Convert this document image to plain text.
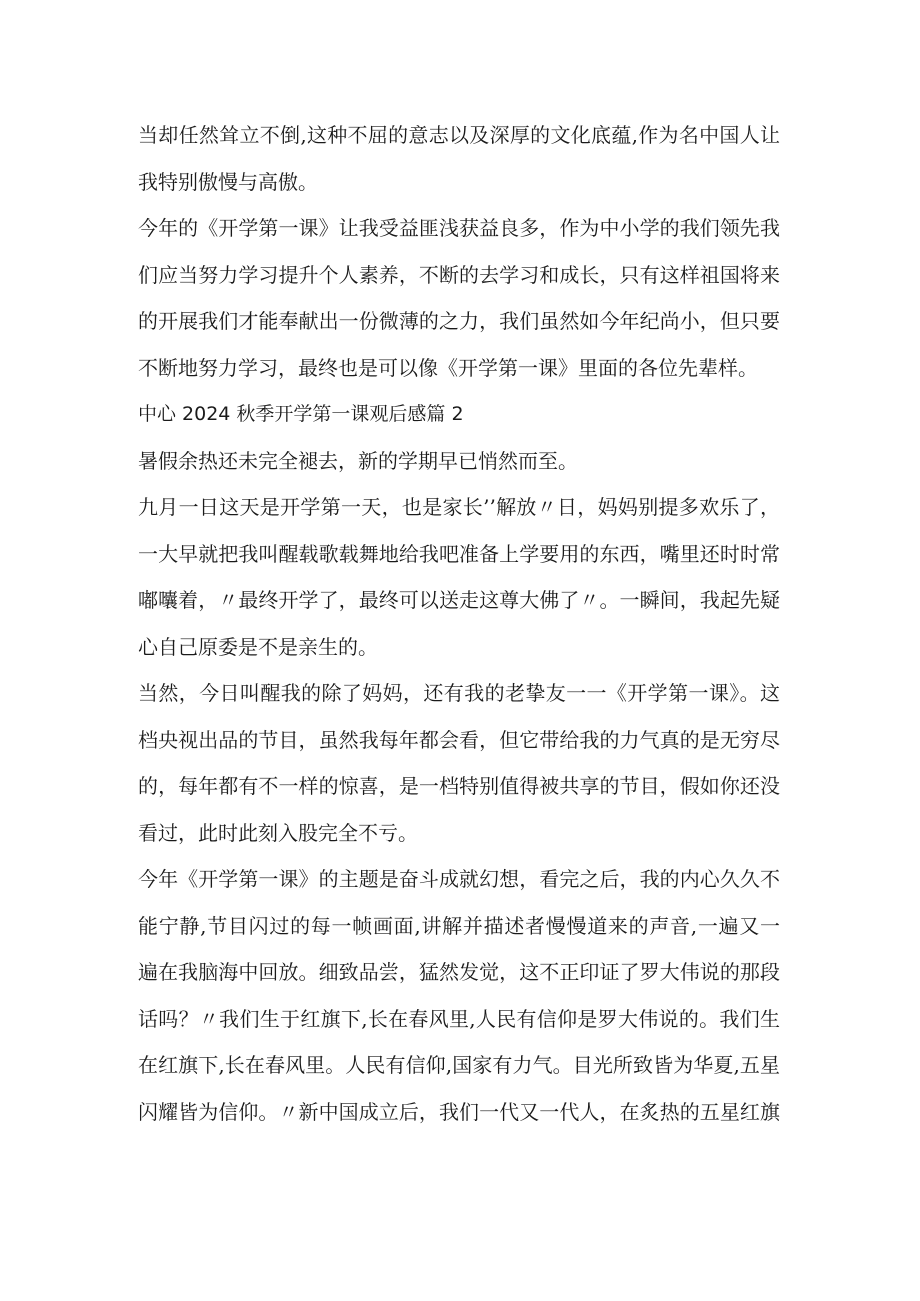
当却任然耸立不倒,这种不屈的意志以及深厚的文化底蕴,作为名中国人让
我特别傲慢与高傲。

今年的《开学第一课》让我受益匪浅获益良多，作为中小学的我们领先我
们应当努力学习提升个人素养，不断的去学习和成长，只有这样祖国将来
的开展我们才能奉献出一份微薄的之力，我们虽然如今年纪尚小，但只要
不断地努力学习，最终也是可以像《开学第一课》里面的各位先辈样。

中心 2024 秋季开学第一课观后感篇 2

暑假余热还未完全褪去，新的学期早已悄然而至。

九月一日这天是开学第一天，也是家长’’解放〃日，妈妈别提多欢乐了，
一大早就把我叫醒载歌载舞地给我吧准备上学要用的东西，嘴里还时时常
嘟囔着，〃最终开学了，最终可以送走这尊大佛了〃。一瞬间，我起先疑
心自己原委是不是亲生的。

当然，今日叫醒我的除了妈妈，还有我的老挚友一一《开学第一课》。这
档央视出品的节目，虽然我每年都会看，但它带给我的力气真的是无穷尽
的，每年都有不一样的惊喜，是一档特别值得被共享的节目，假如你还没
看过，此时此刻入股完全不亏。

今年《开学第一课》的主题是奋斗成就幻想，看完之后，我的内心久久不
能宁静,节目闪过的每一帧画面,讲解并描述者慢慢道来的声音,一遍又一
遍在我脑海中回放。细致品尝，猛然发觉，这不正印证了罗大伟说的那段
话吗？〃我们生于红旗下,长在春风里,人民有信仰是罗大伟说的。我们生
在红旗下,长在春风里。人民有信仰,国家有力气。目光所致皆为华夏,五星
闪耀皆为信仰。〃新中国成立后，我们一代又一代人，在炙热的五星红旗
